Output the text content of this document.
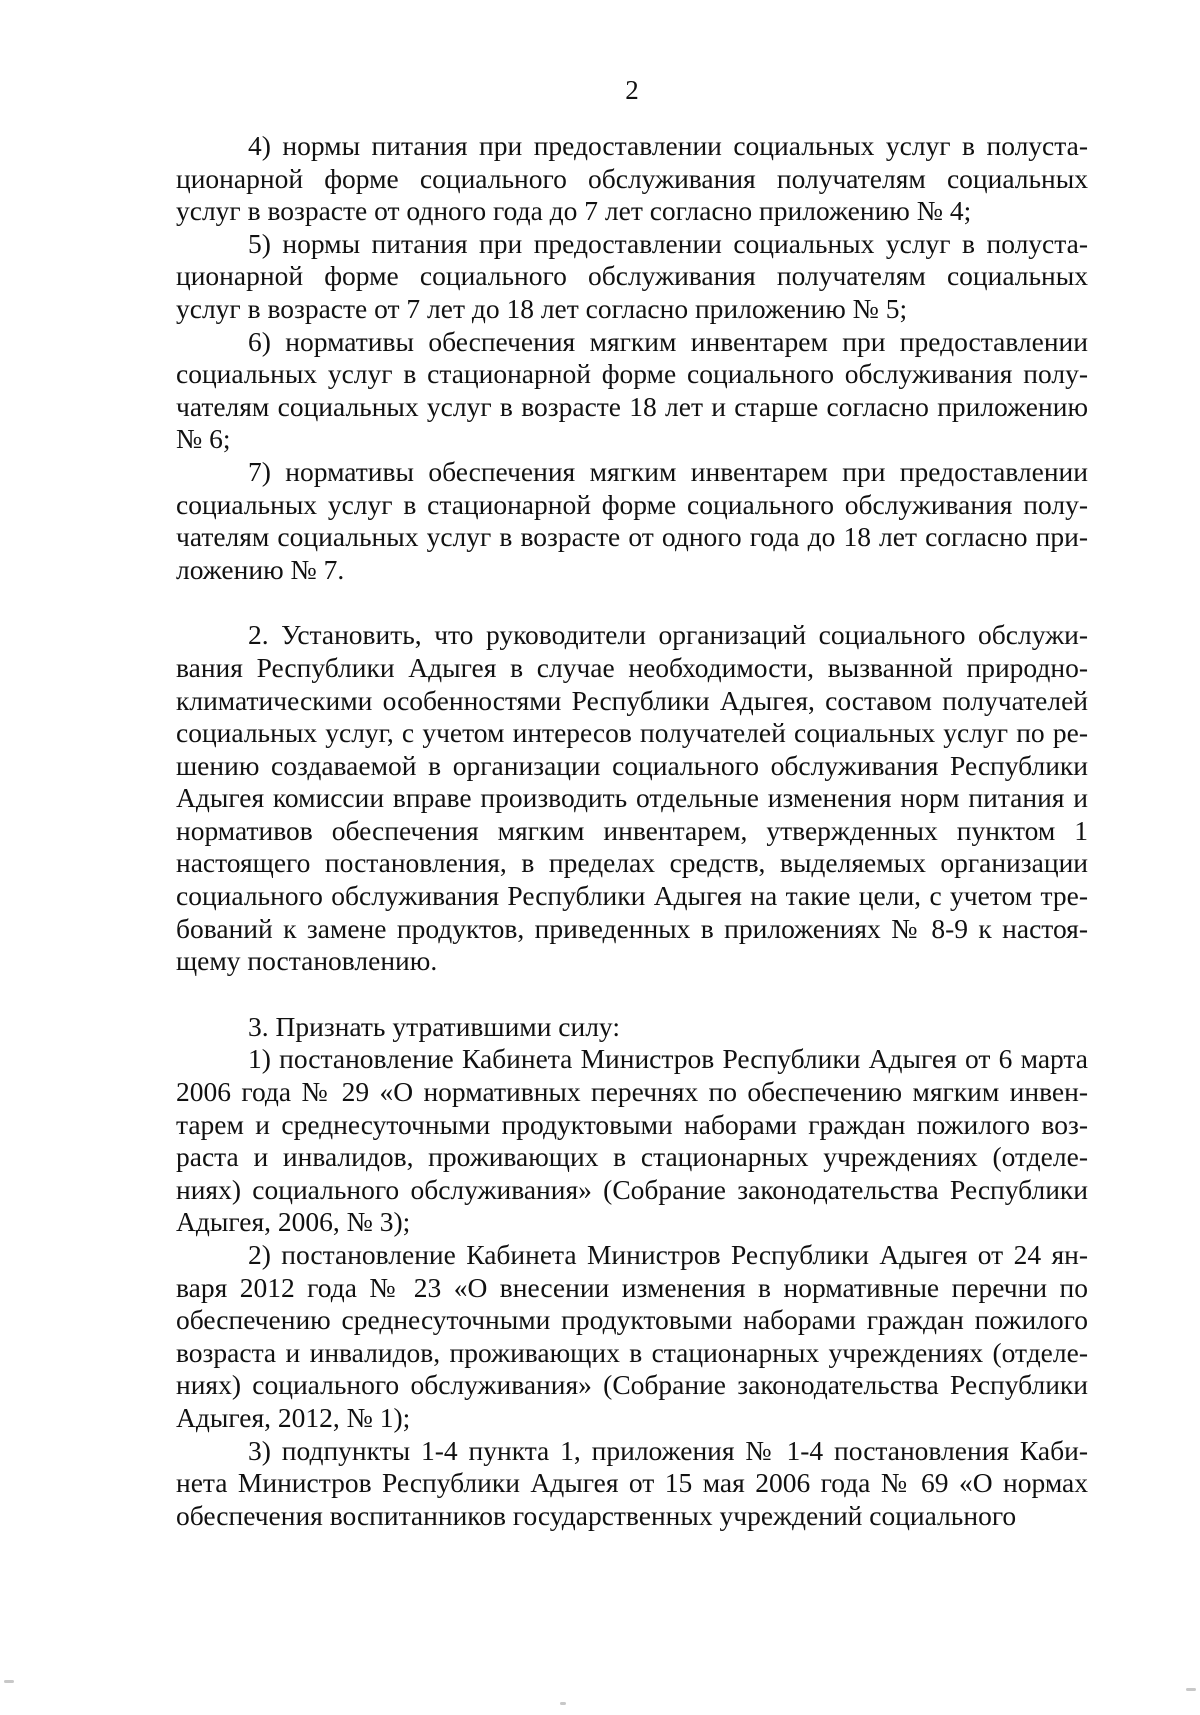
2

4) нормы питания при предоставлении социальных услуг в полустационарной форме социального обслуживания получателям социальных услуг в возрасте от одного года до 7 лет согласно приложению № 4;

5) нормы питания при предоставлении социальных услуг в полустационарной форме социального обслуживания получателям социальных услуг в возрасте от 7 лет до 18 лет согласно приложению № 5;

6) нормативы обеспечения мягким инвентарем при предоставлении социальных услуг в стационарной форме социального обслуживания получателям социальных услуг в возрасте 18 лет и старше согласно приложению № 6;

7) нормативы обеспечения мягким инвентарем при предоставлении социальных услуг в стационарной форме социального обслуживания получателям социальных услуг в возрасте от одного года до 18 лет согласно приложению № 7.

2. Установить, что руководители организаций социального обслуживания Республики Адыгея в случае необходимости, вызванной природно-климатическими особенностями Республики Адыгея, составом получателей социальных услуг, с учетом интересов получателей социальных услуг по решению создаваемой в организации социального обслуживания Республики Адыгея комиссии вправе производить отдельные изменения норм питания и нормативов обеспечения мягким инвентарем, утвержденных пунктом 1 настоящего постановления, в пределах средств, выделяемых организации социального обслуживания Республики Адыгея на такие цели, с учетом требований к замене продуктов, приведенных в приложениях № 8-9 к настоящему постановлению.

3. Признать утратившими силу:

1) постановление Кабинета Министров Республики Адыгея от 6 марта 2006 года № 29 «О нормативных перечнях по обеспечению мягким инвентарем и среднесуточными продуктовыми наборами граждан пожилого возраста и инвалидов, проживающих в стационарных учреждениях (отделениях) социального обслуживания» (Собрание законодательства Республики Адыгея, 2006, № 3);

2) постановление Кабинета Министров Республики Адыгея от 24 января 2012 года № 23 «О внесении изменения в нормативные перечни по обеспечению среднесуточными продуктовыми наборами граждан пожилого возраста и инвалидов, проживающих в стационарных учреждениях (отделениях) социального обслуживания» (Собрание законодательства Республики Адыгея, 2012, № 1);

3) подпункты 1-4 пункта 1, приложения № 1-4 постановления Кабинета Министров Республики Адыгея от 15 мая 2006 года № 69 «О нормах обеспечения воспитанников государственных учреждений социального
